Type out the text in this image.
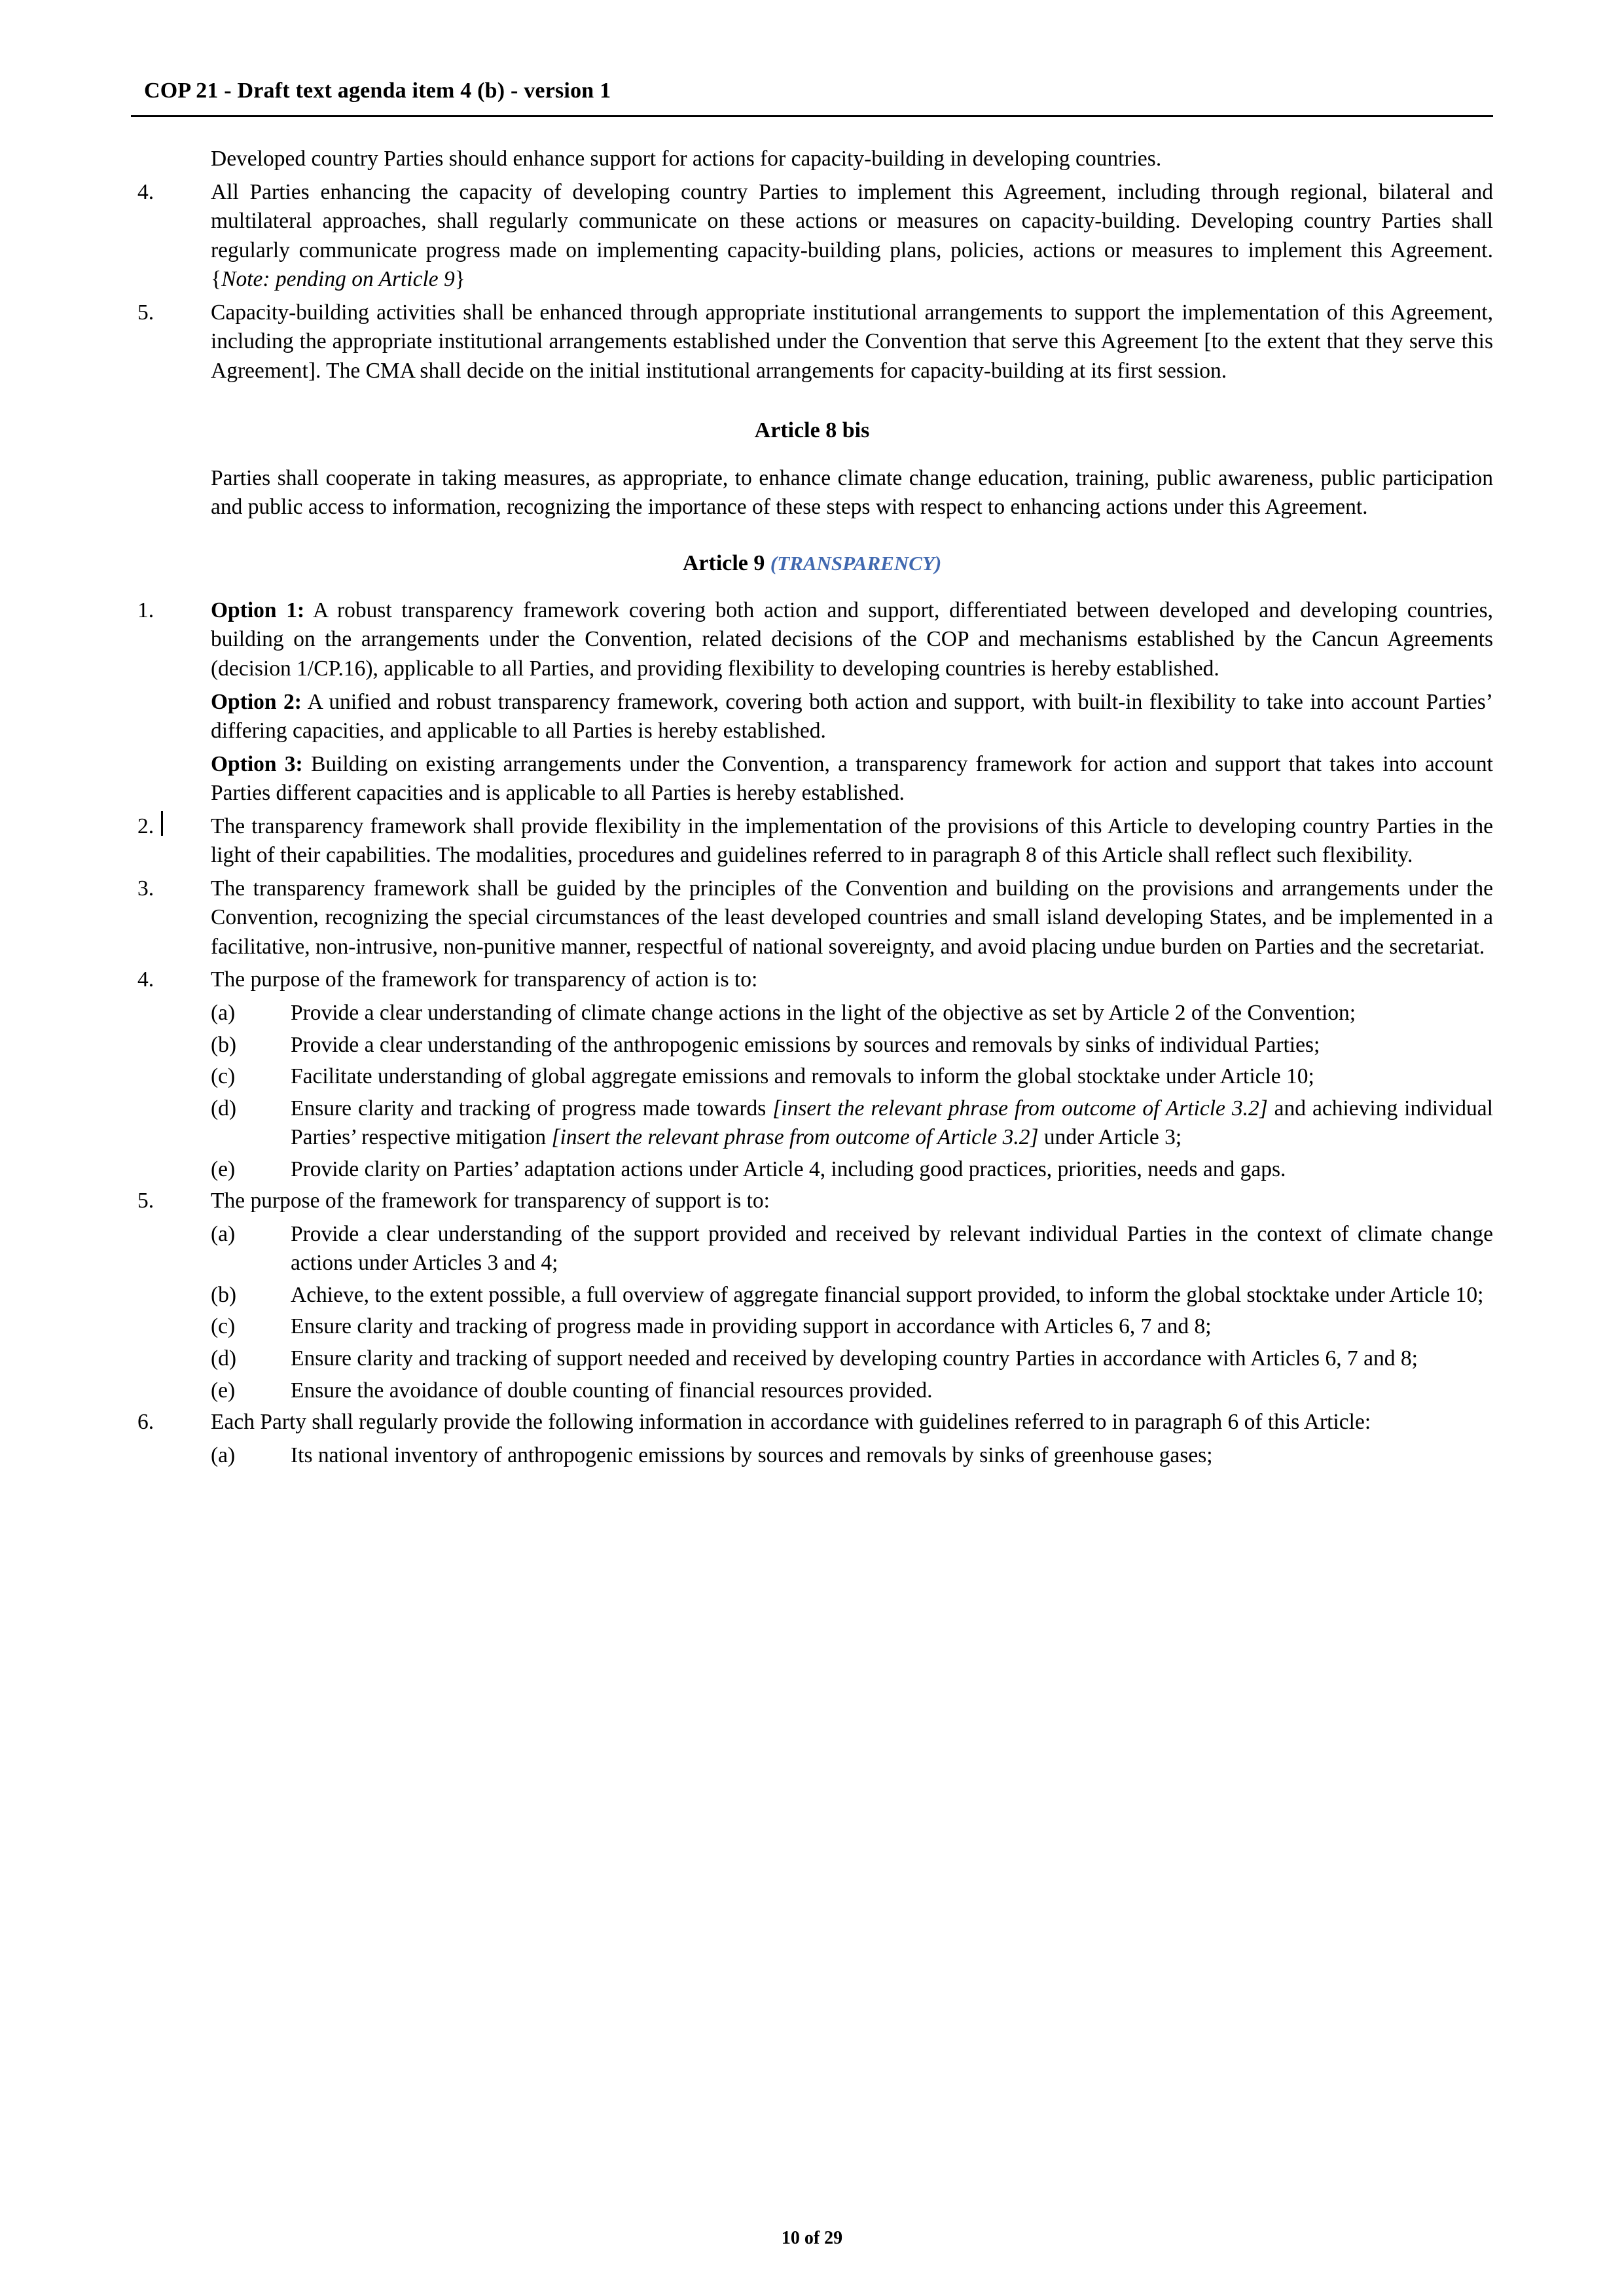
COP 21 - Draft text agenda item 4 (b) - version 1
Developed country Parties should enhance support for actions for capacity-building in developing countries.
4.	All Parties enhancing the capacity of developing country Parties to implement this Agreement, including through regional, bilateral and multilateral approaches, shall regularly communicate on these actions or measures on capacity-building. Developing country Parties shall regularly communicate progress made on implementing capacity-building plans, policies, actions or measures to implement this Agreement. {Note: pending on Article 9}
5.	Capacity-building activities shall be enhanced through appropriate institutional arrangements to support the implementation of this Agreement, including the appropriate institutional arrangements established under the Convention that serve this Agreement [to the extent that they serve this Agreement]. The CMA shall decide on the initial institutional arrangements for capacity-building at its first session.
Article 8 bis
Parties shall cooperate in taking measures, as appropriate, to enhance climate change education, training, public awareness, public participation and public access to information, recognizing the importance of these steps with respect to enhancing actions under this Agreement.
Article 9 (TRANSPARENCY)
1.	Option 1: A robust transparency framework covering both action and support, differentiated between developed and developing countries, building on the arrangements under the Convention, related decisions of the COP and mechanisms established by the Cancun Agreements (decision 1/CP.16), applicable to all Parties, and providing flexibility to developing countries is hereby established.
Option 2: A unified and robust transparency framework, covering both action and support, with built-in flexibility to take into account Parties’ differing capacities, and applicable to all Parties is hereby established.
Option 3: Building on existing arrangements under the Convention, a transparency framework for action and support that takes into account Parties different capacities and is applicable to all Parties is hereby established.
2.	The transparency framework shall provide flexibility in the implementation of the provisions of this Article to developing country Parties in the light of their capabilities. The modalities, procedures and guidelines referred to in paragraph 8 of this Article shall reflect such flexibility.
3.	The transparency framework shall be guided by the principles of the Convention and building on the provisions and arrangements under the Convention, recognizing the special circumstances of the least developed countries and small island developing States, and be implemented in a facilitative, non-intrusive, non-punitive manner, respectful of national sovereignty, and avoid placing undue burden on Parties and the secretariat.
4.	The purpose of the framework for transparency of action is to:
(a)	Provide a clear understanding of climate change actions in the light of the objective as set by Article 2 of the Convention;
(b)	Provide a clear understanding of the anthropogenic emissions by sources and removals by sinks of individual Parties;
(c)	Facilitate understanding of global aggregate emissions and removals to inform the global stocktake under Article 10;
(d)	Ensure clarity and tracking of progress made towards [insert the relevant phrase from outcome of Article 3.2] and achieving individual Parties’ respective mitigation [insert the relevant phrase from outcome of Article 3.2] under Article 3;
(e)	Provide clarity on Parties’ adaptation actions under Article 4, including good practices, priorities, needs and gaps.
5.	The purpose of the framework for transparency of support is to:
(a)	Provide a clear understanding of the support provided and received by relevant individual Parties in the context of climate change actions under Articles 3 and 4;
(b)	Achieve, to the extent possible, a full overview of aggregate financial support provided, to inform the global stocktake under Article 10;
(c)	Ensure clarity and tracking of progress made in providing support in accordance with Articles 6, 7 and 8;
(d)	Ensure clarity and tracking of support needed and received by developing country Parties in accordance with Articles 6, 7 and 8;
(e)	Ensure the avoidance of double counting of financial resources provided.
6.	Each Party shall regularly provide the following information in accordance with guidelines referred to in paragraph 6 of this Article:
(a)	Its national inventory of anthropogenic emissions by sources and removals by sinks of greenhouse gases;
10 of 29
